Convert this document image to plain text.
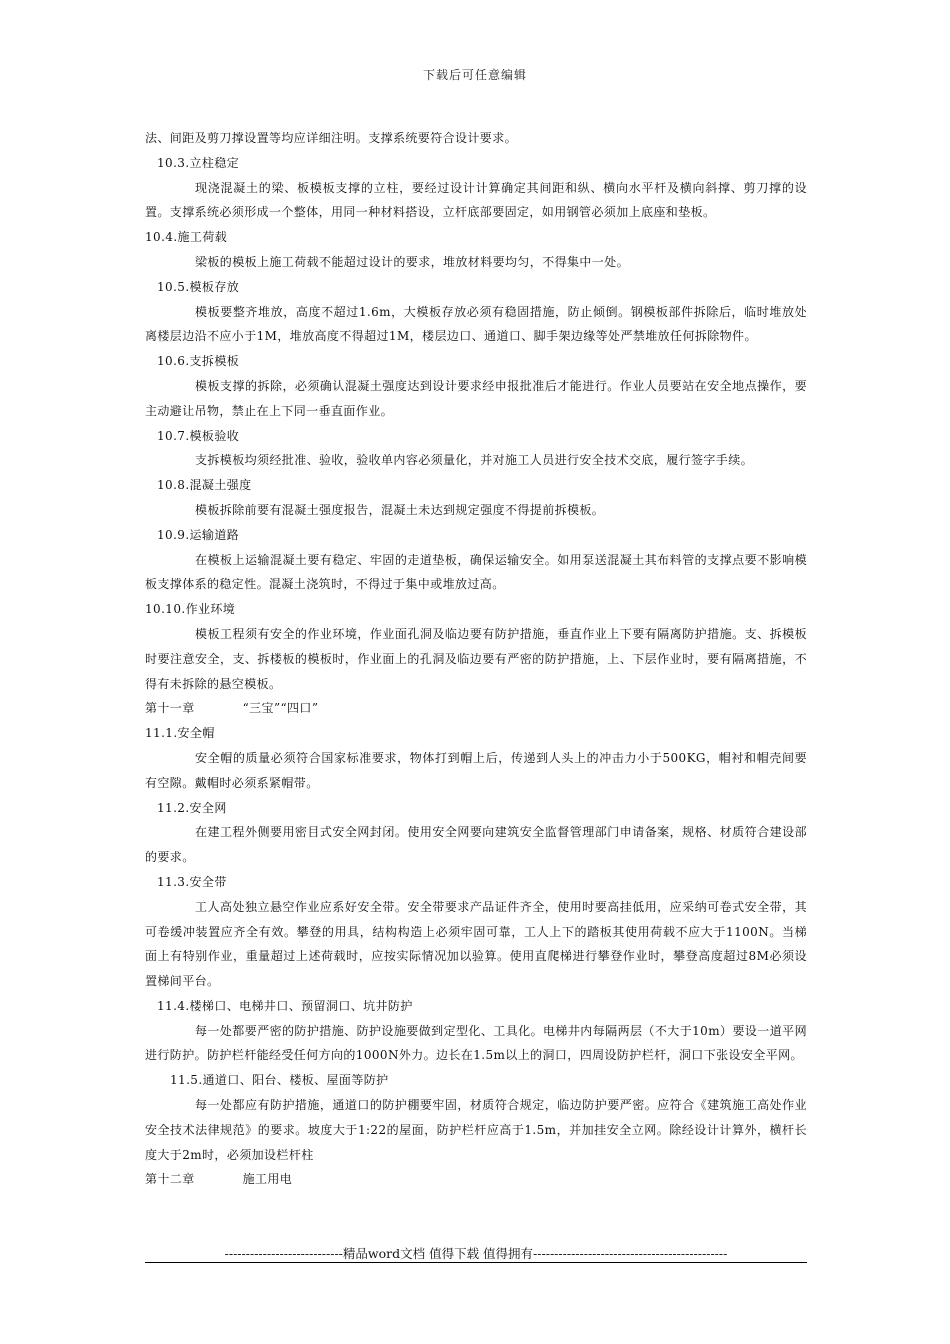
下载后可任意编辑

法、间距及剪刀撑设置等均应详细注明。支撑系统要符合设计要求。

10.3.立柱稳定

现浇混凝土的梁、板模板支撑的立柱，要经过设计计算确定其间距和纵、横向水平杆及横向斜撑、剪刀撑的设置。支撑系统必须形成一个整体，用同一种材料搭设，立杆底部要固定，如用钢管必须加上底座和垫板。

10.4.施工荷载

梁板的模板上施工荷载不能超过设计的要求，堆放材料要均匀，不得集中一处。

10.5.模板存放

模板要整齐堆放，高度不超过1.6m，大模板存放必须有稳固措施，防止倾倒。钢模板部件拆除后，临时堆放处离楼层边沿不应小于1M，堆放高度不得超过1M，楼层边口、通道口、脚手架边缘等处严禁堆放任何拆除物件。

10.6.支拆模板

模板支撑的拆除，必须确认混凝土强度达到设计要求经申报批准后才能进行。作业人员要站在安全地点操作，要主动避让吊物，禁止在上下同一垂直面作业。

10.7.模板验收

支拆模板均须经批准、验收，验收单内容必须量化，并对施工人员进行安全技术交底，履行签字手续。

10.8.混凝土强度

模板拆除前要有混凝土强度报告，混凝土未达到规定强度不得提前拆模板。

10.9.运输道路

在模板上运输混凝土要有稳定、牢固的走道垫板，确保运输安全。如用泵送混凝土其布料管的支撑点要不影响模板支撑体系的稳定性。混凝土浇筑时，不得过于集中或堆放过高。

10.10.作业环境

模板工程须有安全的作业环境，作业面孔洞及临边要有防护措施，垂直作业上下要有隔离防护措施。支、拆模板时要注意安全，支、拆楼板的模板时，作业面上的孔洞及临边要有严密的防护措施，上、下层作业时，要有隔离措施，不得有未拆除的悬空模板。

第十一章	“三宝”“四口”

11.1.安全帽

安全帽的质量必须符合国家标准要求，物体打到帽上后，传递到人头上的冲击力小于500KG，帽衬和帽壳间要有空隙。戴帽时必须系紧帽带。

11.2.安全网

在建工程外侧要用密目式安全网封闭。使用安全网要向建筑安全监督管理部门申请备案，规格、材质符合建设部的要求。

11.3.安全带

工人高处独立悬空作业应系好安全带。安全带要求产品证件齐全，使用时要高挂低用，应采纳可卷式安全带，其可卷缓冲装置应齐全有效。攀登的用具，结构构造上必须牢固可靠，工人上下的踏板其使用荷载不应大于1100N。当梯面上有特别作业，重量超过上述荷载时，应按实际情况加以验算。使用直爬梯进行攀登作业时，攀登高度超过8M必须设置梯间平台。

11.4.楼梯口、电梯井口、预留洞口、坑井防护

每一处都要严密的防护措施、防护设施要做到定型化、工具化。电梯井内每隔两层（不大于10m）要设一道平网进行防护。防护栏杆能经受任何方向的1000N外力。边长在1.5m以上的洞口，四周设防护栏杆，洞口下张设安全平网。

11.5.通道口、阳台、楼板、屋面等防护

每一处都应有防护措施，通道口的防护棚要牢固，材质符合规定，临边防护要严密。应符合《建筑施工高处作业安全技术法律规范》的要求。坡度大于1:22的屋面，防护栏杆应高于1.5m，并加挂安全立网。除经设计计算外，横杆长度大于2m时，必须加设栏杆柱

第十二章	施工用电

----------------------------精品word文档 值得下载 值得拥有----------------------------------------------
